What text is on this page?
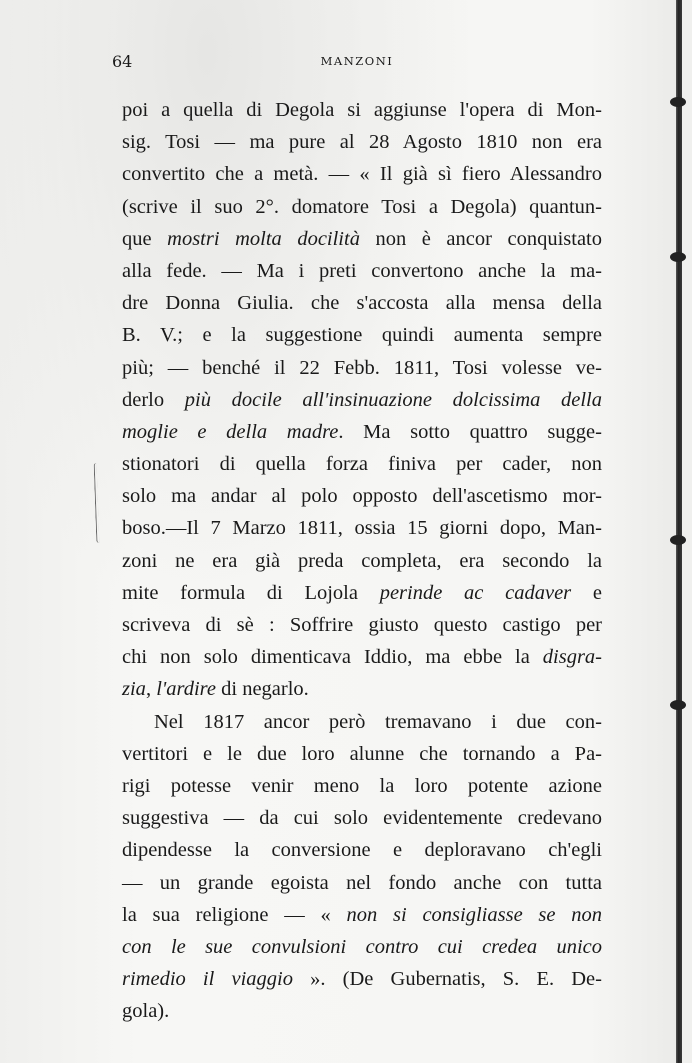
64	MANZONI
poi a quella di Degola si aggiunse l'opera di Mon-
sig. Tosi — ma pure al 28 Agosto 1810 non era
convertito che a metà. — « Il già sì fiero Alessandro
(scrive il suo 2°. domatore Tosi a Degola) quantun-
que mostri molta docilità non è ancor conquistato
alla fede. — Ma i preti convertono anche la ma-
dre Donna Giulia. che s'accosta alla mensa della
B. V.; e la suggestione quindi aumenta sempre
più; — benché il 22 Febb. 1811, Tosi volesse ve-
derlo più docile all'insinuazione dolcissima della
moglie e della madre. Ma sotto quattro sugge-
stionatori di quella forza finiva per cader, non
solo ma andar al polo opposto dell'ascetismo mor-
boso.—Il 7 Marzo 1811, ossia 15 giorni dopo, Man-
zoni ne era già preda completa, era secondo la
mite formula di Lojola perinde ac cadaver e
scriveva di sè : Soffrire giusto questo castigo per
chi non solo dimenticava Iddio, ma ebbe la disgra-
zia, l'ardire di negarlo.
Nel 1817 ancor però tremavano i due con-
vertitori e le due loro alunne che tornando a Pa-
rigi potesse venir meno la loro potente azione
suggestiva — da cui solo evidentemente credevano
dipendesse la conversione e deploravano ch'egli
— un grande egoista nel fondo anche con tutta
la sua religione — « non si consigliasse se non
con le sue convulsioni contro cui credea unico
rimedio il viaggio ». (De Gubernatis, S. E. De-
gola).
